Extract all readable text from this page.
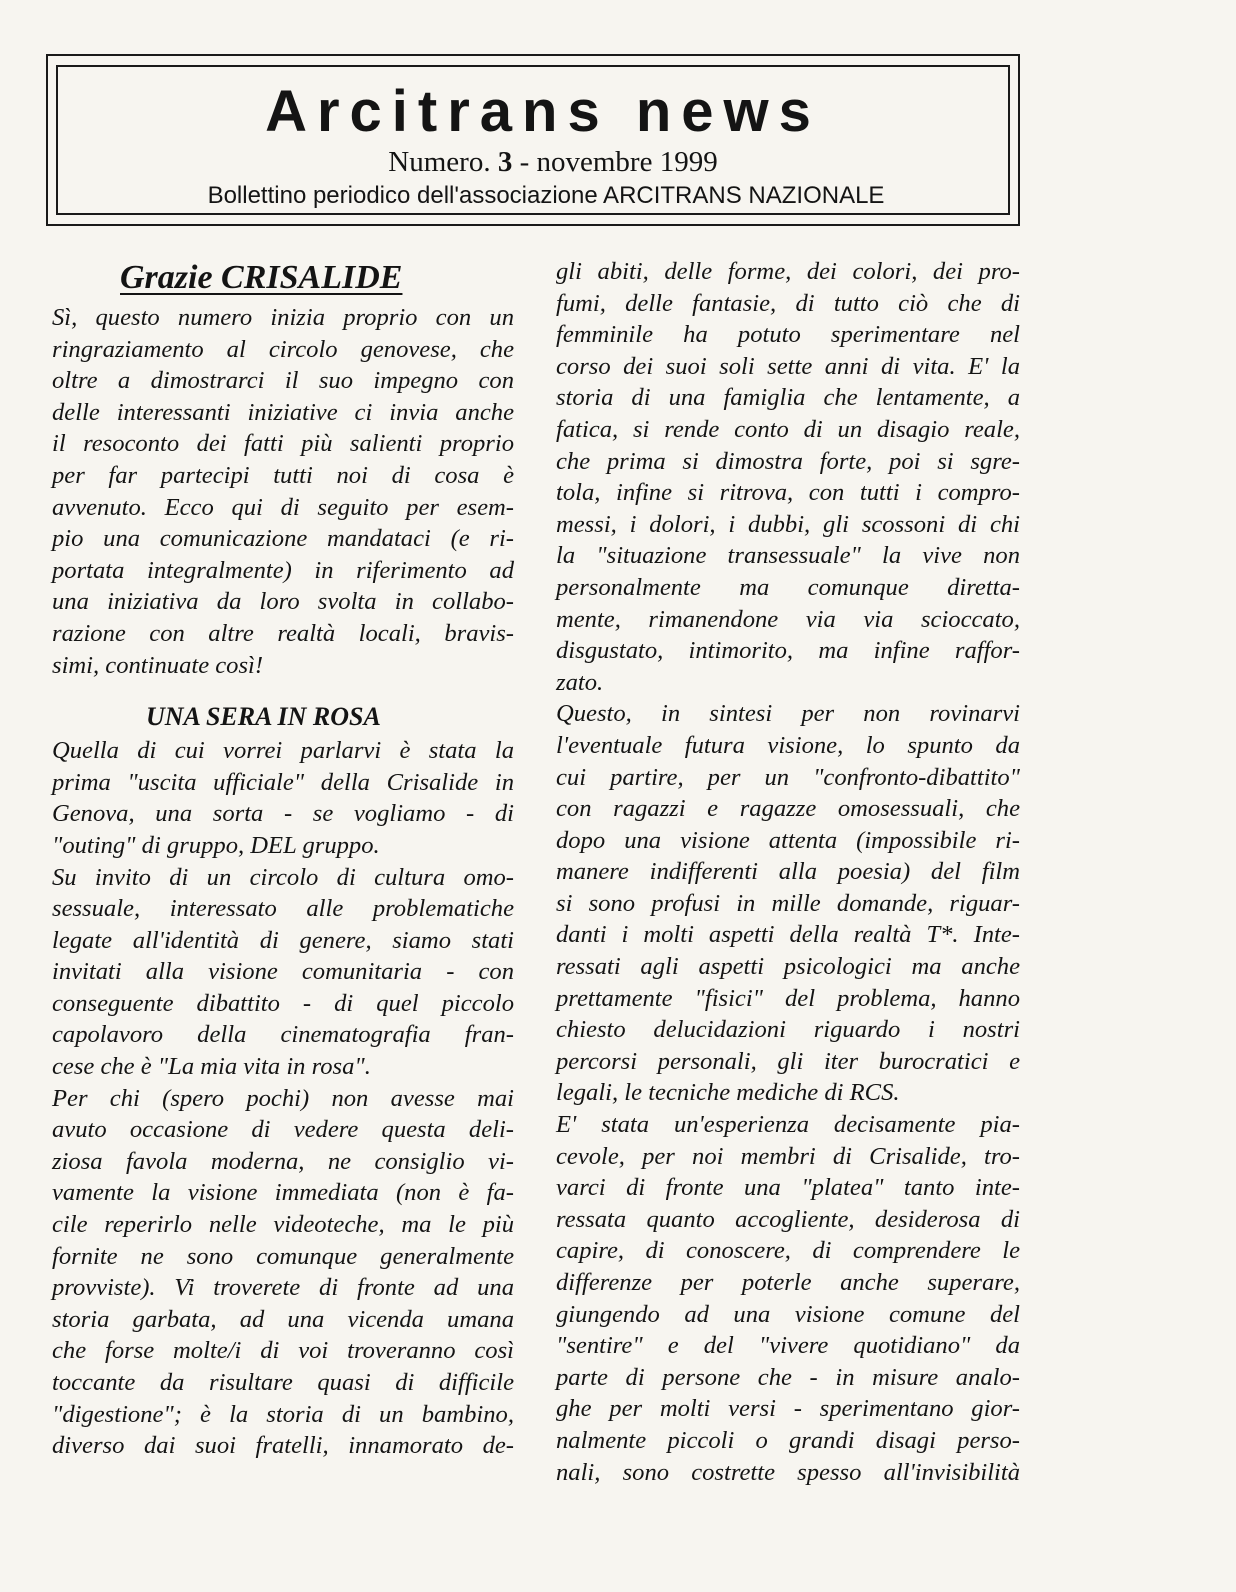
Arcitrans news
Numero. 3 - novembre 1999
Bollettino periodico dell'associazione ARCITRANS NAZIONALE
Grazie CRISALIDE

Sì, questo numero inizia proprio con un
ringraziamento al circolo genovese, che
oltre a dimostrarci il suo impegno con
delle interessanti iniziative ci invia anche
il resoconto dei fatti più salienti proprio
per far partecipi tutti noi di cosa è
avvenuto. Ecco qui di seguito per esem-
pio una comunicazione mandataci (e ri-
portata integralmente) in riferimento ad
una iniziativa da loro svolta in collabo-
razione con altre realtà locali, bravis-
simi, continuate così!

UNA SERA IN ROSA

Quella di cui vorrei parlarvi è stata la
prima "uscita ufficiale" della Crisalide in
Genova, una sorta - se vogliamo - di
"outing" di gruppo, DEL gruppo.

Su invito di un circolo di cultura omo-
sessuale, interessato alle problematiche
legate all'identità di genere, siamo stati
invitati alla visione comunitaria - con
conseguente dibattito - di quel piccolo
capolavoro della cinematografia fran-
cese che è "La mia vita in rosa".

Per chi (spero pochi) non avesse mai
avuto occasione di vedere questa deli-
ziosa favola moderna, ne consiglio vi-
vamente la visione immediata (non è fa-
cile reperirlo nelle videoteche, ma le più
fornite ne sono comunque generalmente
provviste). Vi troverete di fronte ad una
storia garbata, ad una vicenda umana
che forse molte/i di voi troveranno così
toccante da risultare quasi di difficile
"digestione"; è la storia di un bambino,
diverso dai suoi fratelli, innamorato de-

gli abiti, delle forme, dei colori, dei pro-
fumi, delle fantasie, di tutto ciò che di
femminile ha potuto sperimentare nel
corso dei suoi soli sette anni di vita. E' la
storia di una famiglia che lentamente, a
fatica, si rende conto di un disagio reale,
che prima si dimostra forte, poi si sgre-
tola, infine si ritrova, con tutti i compro-
messi, i dolori, i dubbi, gli scossoni di chi
la "situazione transessuale" la vive non
personalmente ma comunque diretta-
mente, rimanendone via via scioccato,
disgustato, intimorito, ma infine raffor-
zato.

Questo, in sintesi per non rovinarvi
l'eventuale futura visione, lo spunto da
cui partire, per un "confronto-dibattito"
con ragazzi e ragazze omosessuali, che
dopo una visione attenta (impossibile ri-
manere indifferenti alla poesia) del film
si sono profusi in mille domande, riguar-
danti i molti aspetti della realtà T*. Inte-
ressati agli aspetti psicologici ma anche
prettamente "fisici" del problema, hanno
chiesto delucidazioni riguardo i nostri
percorsi personali, gli iter burocratici e
legali, le tecniche mediche di RCS.

E' stata un'esperienza decisamente pia-
cevole, per noi membri di Crisalide, tro-
varci di fronte una "platea" tanto inte-
ressata quanto accogliente, desiderosa di
capire, di conoscere, di comprendere le
differenze per poterle anche superare,
giungendo ad una visione comune del
"sentire" e del "vivere quotidiano" da
parte di persone che - in misure analo-
ghe per molti versi - sperimentano gior-
nalmente piccoli o grandi disagi perso-
nali, sono costrette spesso all'invisibilità
